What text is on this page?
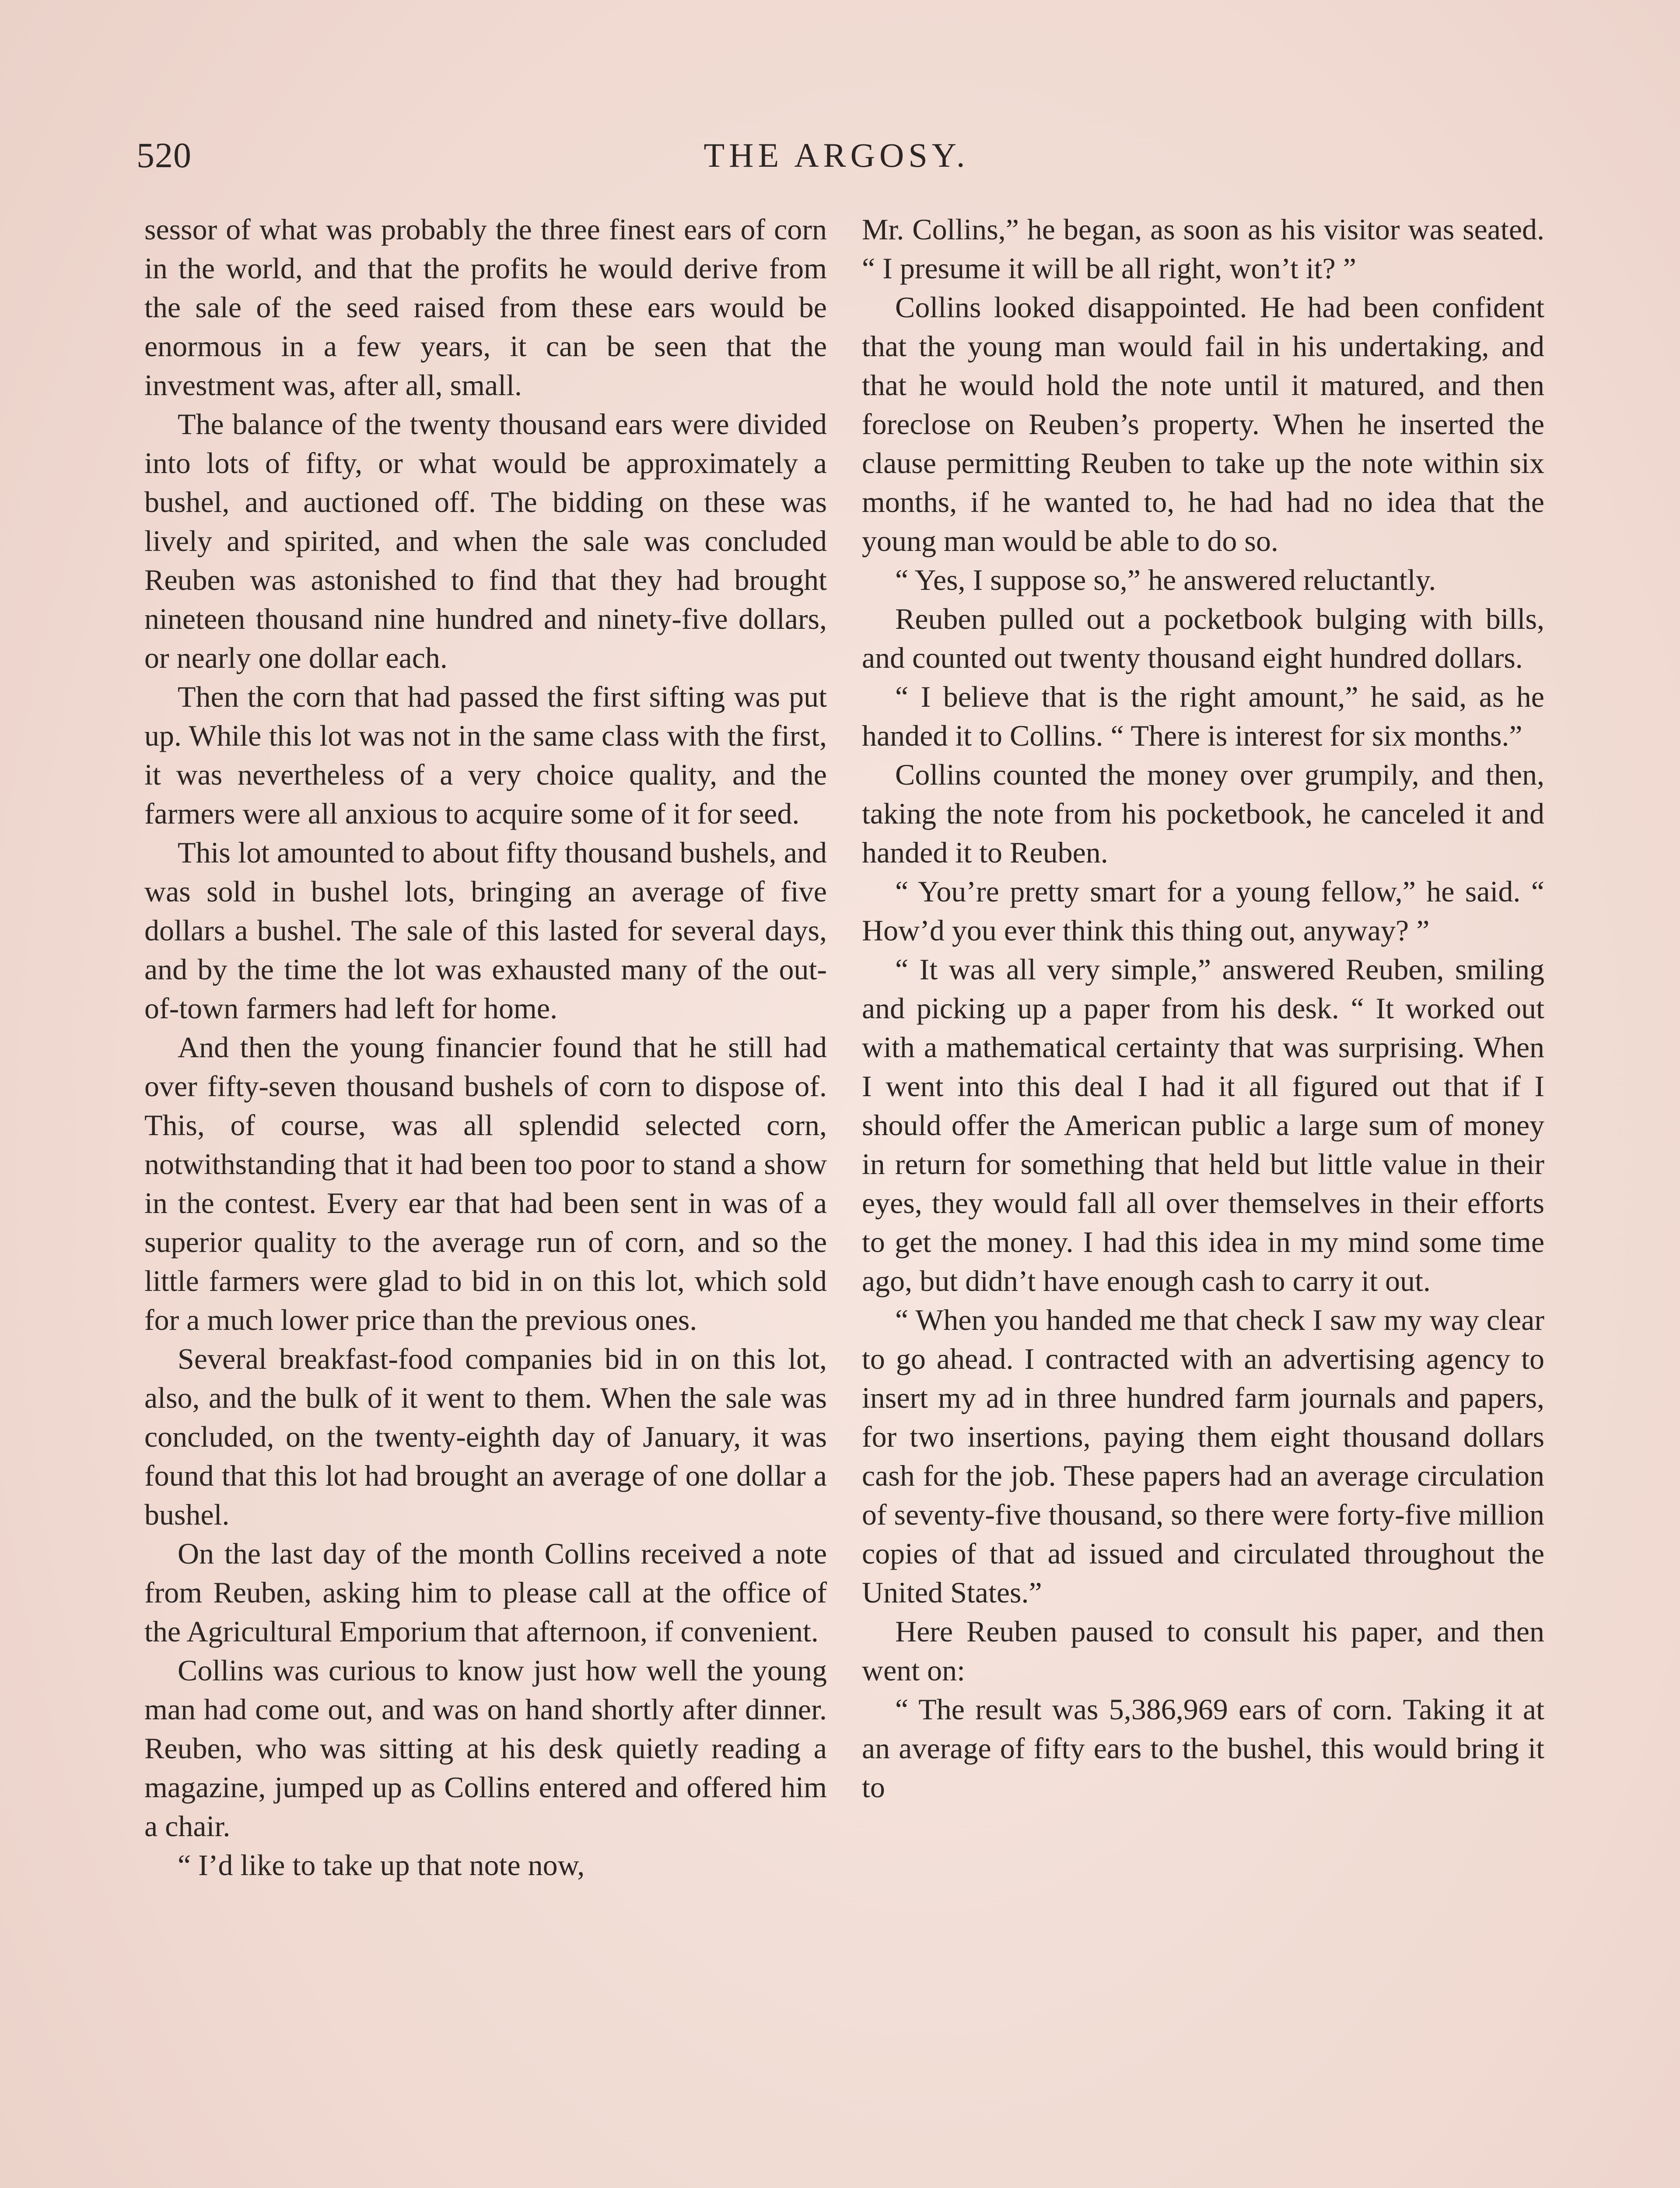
520	THE ARGOSY.

sessor of what was probably the three finest ears of corn in the world, and that the profits he would derive from the sale of the seed raised from these ears would be enormous in a few years, it can be seen that the investment was, after all, small.

The balance of the twenty thousand ears were divided into lots of fifty, or what would be approximately a bushel, and auctioned off. The bidding on these was lively and spirited, and when the sale was concluded Reuben was astonished to find that they had brought nineteen thousand nine hundred and ninety-five dollars, or nearly one dollar each.

Then the corn that had passed the first sifting was put up. While this lot was not in the same class with the first, it was nevertheless of a very choice quality, and the farmers were all anxious to acquire some of it for seed.

This lot amounted to about fifty thousand bushels, and was sold in bushel lots, bringing an average of five dollars a bushel. The sale of this lasted for several days, and by the time the lot was exhausted many of the out-of-town farmers had left for home.

And then the young financier found that he still had over fifty-seven thousand bushels of corn to dispose of. This, of course, was all splendid selected corn, notwithstanding that it had been too poor to stand a show in the contest. Every ear that had been sent in was of a superior quality to the average run of corn, and so the little farmers were glad to bid in on this lot, which sold for a much lower price than the previous ones.

Several breakfast-food companies bid in on this lot, also, and the bulk of it went to them. When the sale was concluded, on the twenty-eighth day of January, it was found that this lot had brought an average of one dollar a bushel.

On the last day of the month Collins received a note from Reuben, asking him to please call at the office of the Agricultural Emporium that afternoon, if convenient.

Collins was curious to know just how well the young man had come out, and was on hand shortly after dinner. Reuben, who was sitting at his desk quietly reading a magazine, jumped up as Collins entered and offered him a chair.

“ I’d like to take up that note now,

Mr. Collins,” he began, as soon as his visitor was seated. “ I presume it will be all right, won’t it? ”

Collins looked disappointed. He had been confident that the young man would fail in his undertaking, and that he would hold the note until it matured, and then foreclose on Reuben’s property. When he inserted the clause permitting Reuben to take up the note within six months, if he wanted to, he had had no idea that the young man would be able to do so.

“ Yes, I suppose so,” he answered reluctantly.

Reuben pulled out a pocketbook bulging with bills, and counted out twenty thousand eight hundred dollars.

“ I believe that is the right amount,” he said, as he handed it to Collins. “ There is interest for six months.”

Collins counted the money over grumpily, and then, taking the note from his pocketbook, he canceled it and handed it to Reuben.

“ You’re pretty smart for a young fellow,” he said. “ How’d you ever think this thing out, anyway? ”

“ It was all very simple,” answered Reuben, smiling and picking up a paper from his desk. “ It worked out with a mathematical certainty that was surprising. When I went into this deal I had it all figured out that if I should offer the American public a large sum of money in return for something that held but little value in their eyes, they would fall all over themselves in their efforts to get the money. I had this idea in my mind some time ago, but didn’t have enough cash to carry it out.

“ When you handed me that check I saw my way clear to go ahead. I contracted with an advertising agency to insert my ad in three hundred farm journals and papers, for two insertions, paying them eight thousand dollars cash for the job. These papers had an average circulation of seventy-five thousand, so there were forty-five million copies of that ad issued and circulated throughout the United States.”

Here Reuben paused to consult his paper, and then went on:

“ The result was 5,386,969 ears of corn. Taking it at an average of fifty ears to the bushel, this would bring it to
